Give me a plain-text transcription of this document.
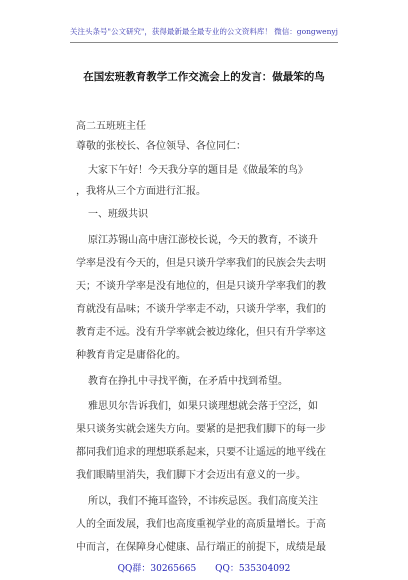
关注头条号"公文研究"，获得最新最全最专业的公文资料库！ 微信：gongwenyj
在国宏班教育教学工作交流会上的发言：做最笨的鸟
高二五班班主任
尊敬的张校长、各位领导、各位同仁：
大家下午好！今天我分享的题目是《做最笨的鸟》
，我将从三个方面进行汇报。
一、班级共识
原江苏锡山高中唐江澎校长说，今天的教育，不谈升
学率是没有今天的，但是只谈升学率我们的民族会失去明
天；不谈升学率是没有地位的，但是只谈升学率我们的教
育就没有品味；不谈升学率走不动，只谈升学率，我们的
教育走不远。没有升学率就会被边缘化，但只有升学率这
种教育肯定是庸俗化的。
教育在挣扎中寻找平衡，在矛盾中找到希望。
雅思贝尔告诉我们，如果只谈理想就会落于空泛，如
果只谈务实就会迷失方向。要紧的是把我们脚下的每一步
都同我们追求的理想联系起来，只要不让遥远的地平线在
我们眼睛里消失，我们脚下才会迈出有意义的一步。
所以，我们不掩耳盗铃，不讳疾忌医。我们高度关注
人的全面发展，我们也高度重视学业的高质量增长。于高
中而言，在保障身心健康、品行端正的前提下，成绩是最
QQ群：30265665 QQ：535304092
